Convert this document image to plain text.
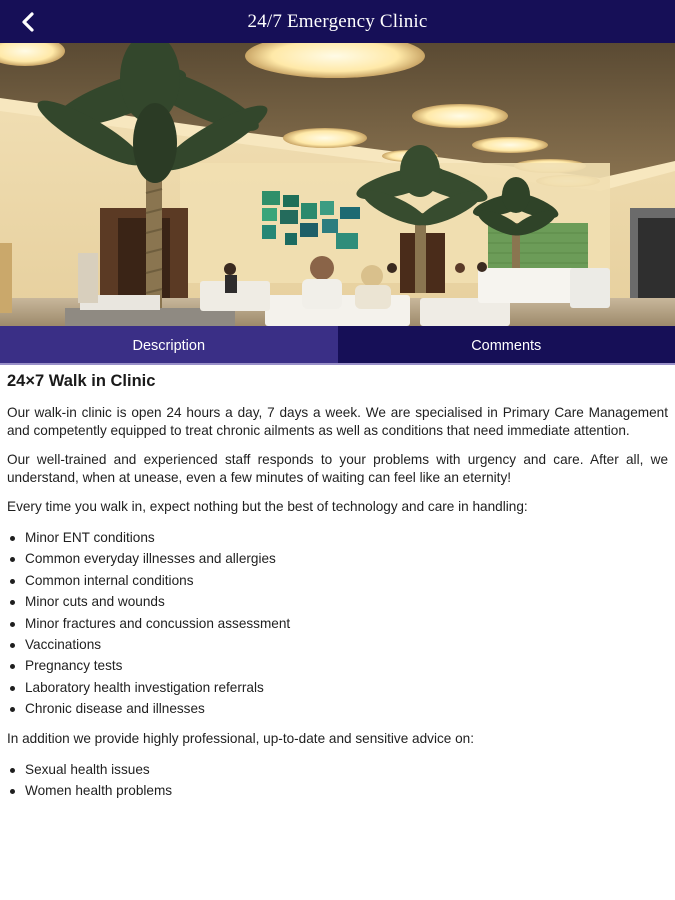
24/7 Emergency Clinic
Description	Comments
24×7 Walk in Clinic

Our walk-in clinic is open 24 hours a day, 7 days a week. We are specialised in Primary Care Management and competently equipped to treat chronic ailments as well as conditions that need immediate attention.

Our well-trained and experienced staff responds to your problems with urgency and care. After all, we understand, when at unease, even a few minutes of waiting can feel like an eternity!

Every time you walk in, expect nothing but the best of technology and care in handling:

Minor ENT conditions
Common everyday illnesses and allergies
Common internal conditions
Minor cuts and wounds
Minor fractures and concussion assessment
Vaccinations
Pregnancy tests
Laboratory health investigation referrals
Chronic disease and illnesses

In addition we provide highly professional, up-to-date and sensitive advice on:

Sexual health issues
Women health problems
